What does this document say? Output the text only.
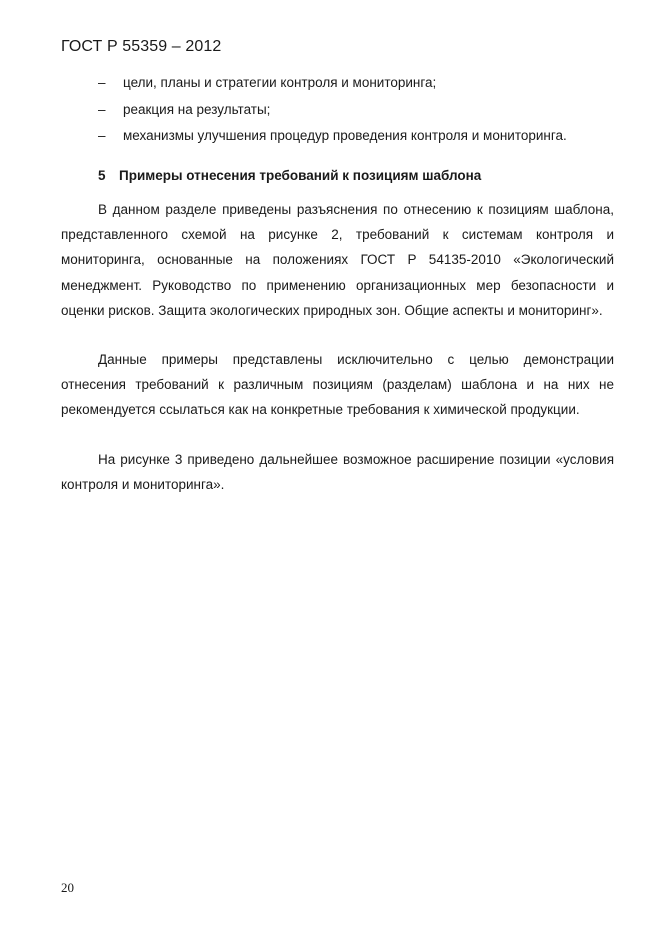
ГОСТ Р 55359 – 2012
– цели, планы и стратегии контроля и мониторинга;
– реакция на результаты;
– механизмы улучшения процедур проведения контроля и мониторинга.
5 Примеры отнесения требований к позициям шаблона

В данном разделе приведены разъяснения по отнесению к позициям шаблона, представленного схемой на рисунке 2, требований к системам контроля и мониторинга, основанные на положениях ГОСТ Р 54135-2010 «Экологический менеджмент. Руководство по применению организационных мер безопасности и оценки рисков. Защита экологических природных зон. Общие аспекты и мониторинг».

Данные примеры представлены исключительно с целью демонстрации отнесения требований к различным позициям (разделам) шаблона и на них не рекомендуется ссылаться как на конкретные требования к химической продукции.

На рисунке 3 приведено дальнейшее возможное расширение позиции «условия контроля и мониторинга».

20
